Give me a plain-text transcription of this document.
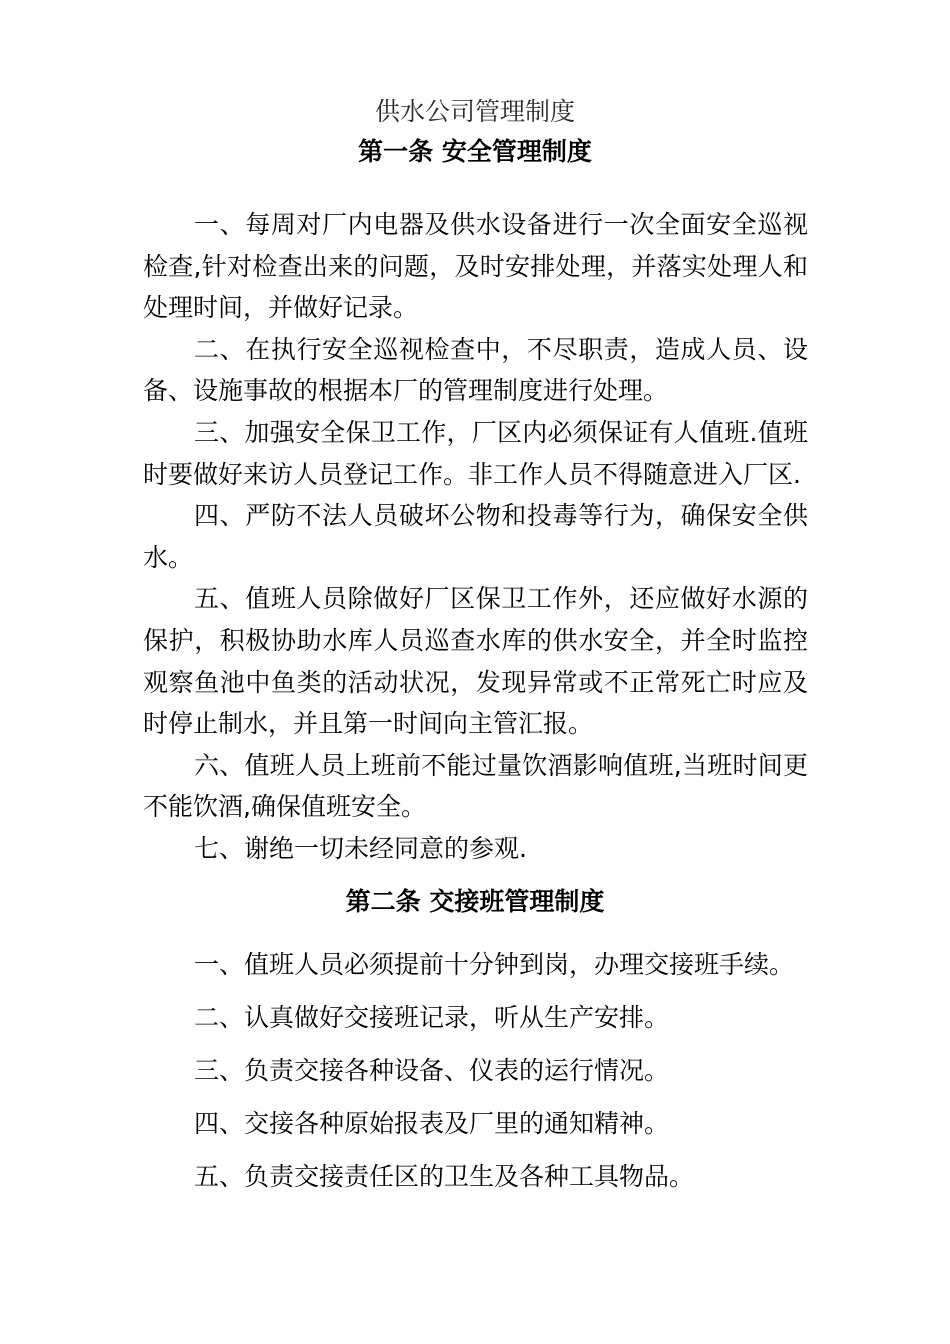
供水公司管理制度
第一条 安全管理制度

一、每周对厂内电器及供水设备进行一次全面安全巡视检查,针对检查出来的问题，及时安排处理，并落实处理人和处理时间，并做好记录。

二、在执行安全巡视检查中，不尽职责，造成人员、设备、设施事故的根据本厂的管理制度进行处理。

三、加强安全保卫工作，厂区内必须保证有人值班.值班时要做好来访人员登记工作。非工作人员不得随意进入厂区.

四、严防不法人员破坏公物和投毒等行为，确保安全供水。

五、值班人员除做好厂区保卫工作外，还应做好水源的保护，积极协助水库人员巡查水库的供水安全，并全时监控观察鱼池中鱼类的活动状况，发现异常或不正常死亡时应及时停止制水，并且第一时间向主管汇报。

六、值班人员上班前不能过量饮酒影响值班,当班时间更不能饮酒,确保值班安全。

七、谢绝一切未经同意的参观.

第二条 交接班管理制度

一、值班人员必须提前十分钟到岗，办理交接班手续。

二、认真做好交接班记录，听从生产安排。

三、负责交接各种设备、仪表的运行情况。

四、交接各种原始报表及厂里的通知精神。

五、负责交接责任区的卫生及各种工具物品。
